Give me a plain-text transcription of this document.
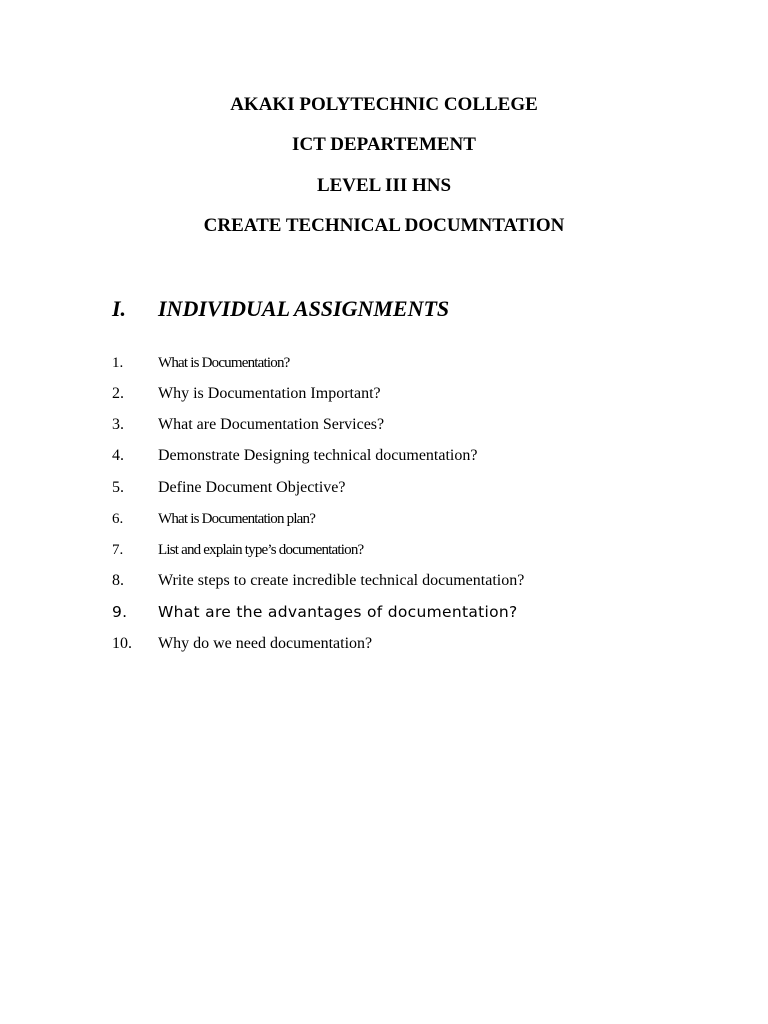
AKAKI POLYTECHNIC COLLEGE
ICT DEPARTEMENT
LEVEL III HNS
CREATE TECHNICAL DOCUMNTATION
I. INDIVIDUAL ASSIGNMENTS
1. What is Documentation?
2. Why is Documentation Important?
3. What are Documentation Services?
4. Demonstrate Designing technical documentation?
5. Define Document Objective?
6. What is Documentation plan?
7. List and explain type’s documentation?
8. Write steps to create incredible technical documentation?
9. What are the advantages of documentation?
10. Why do we need documentation?
